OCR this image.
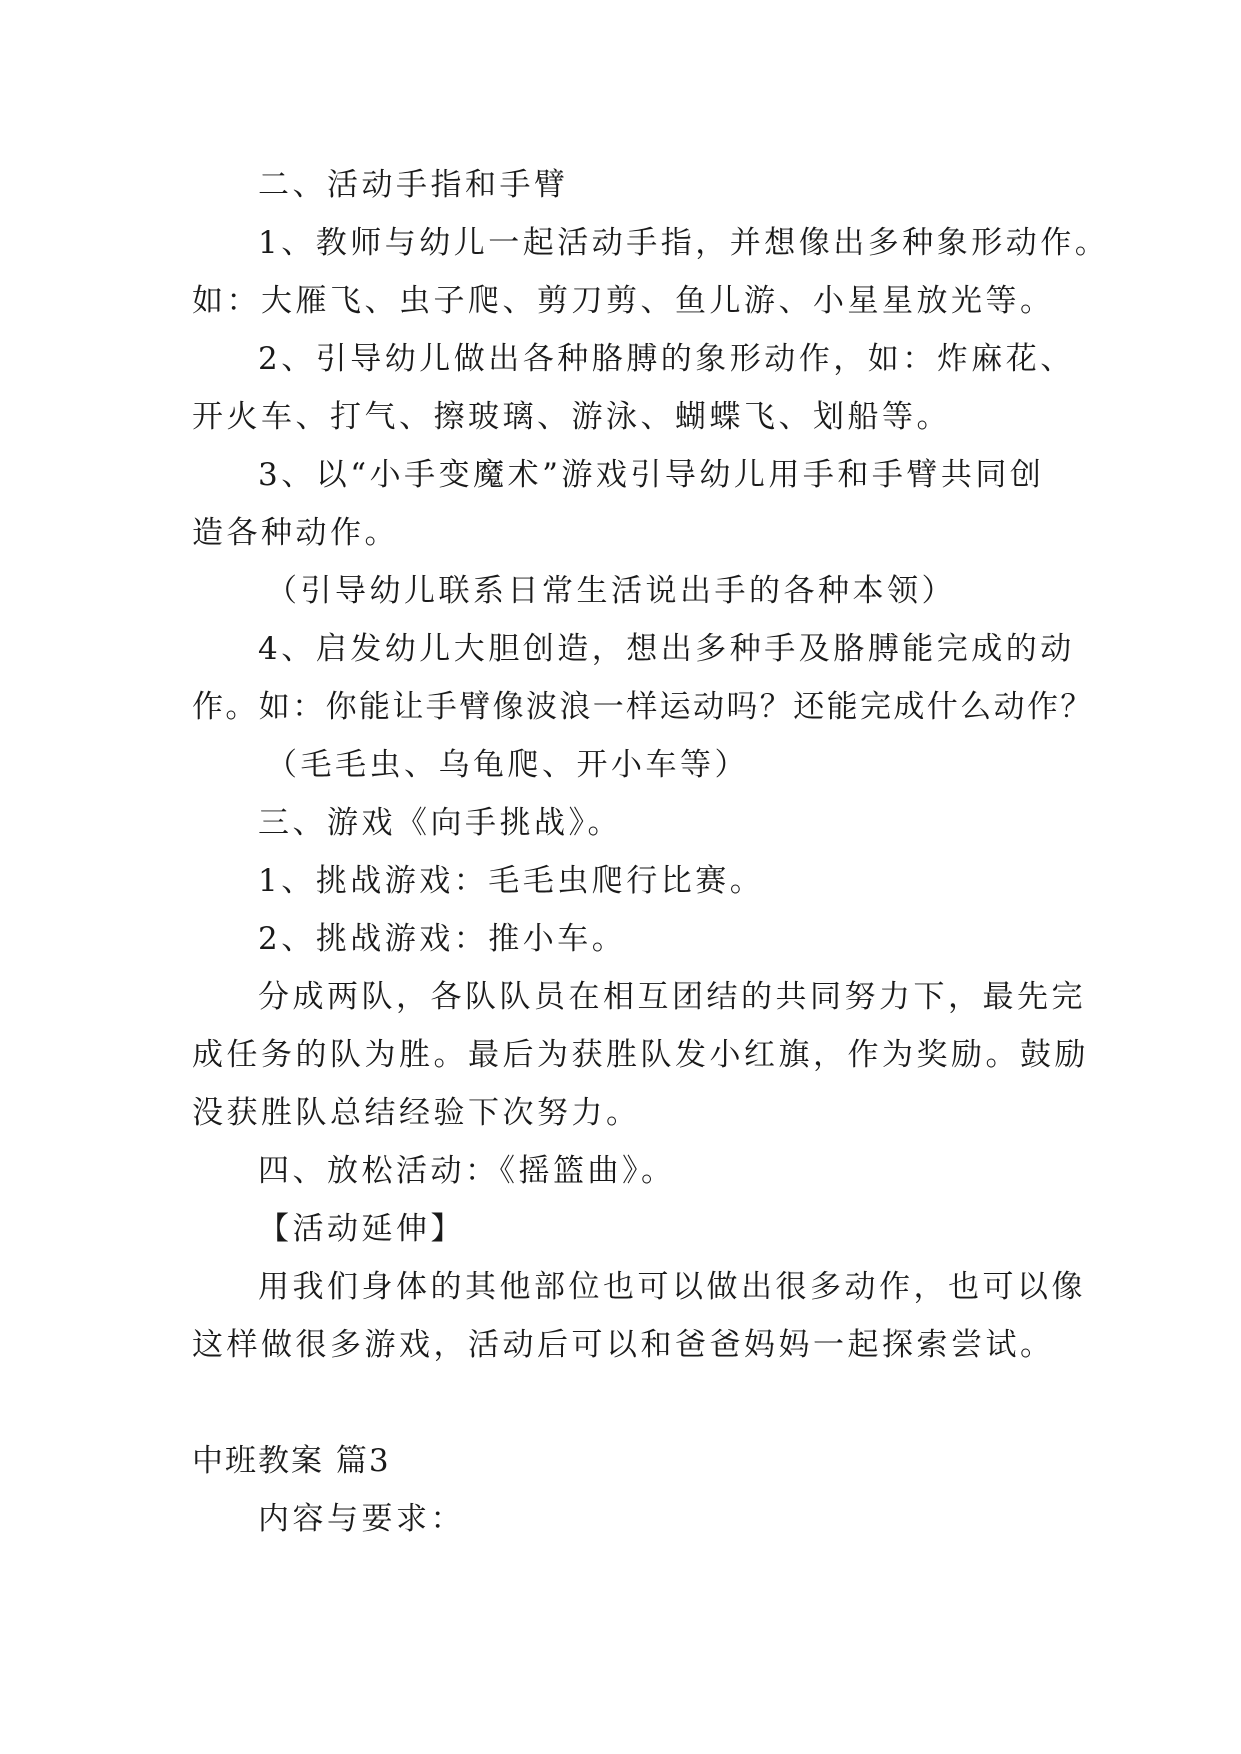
二、活动手指和手臂
1、教师与幼儿一起活动手指，并想像出多种象形动作。
如：大雁飞、虫子爬、剪刀剪、鱼儿游、小星星放光等。
2、引导幼儿做出各种胳膊的象形动作，如：炸麻花、
开火车、打气、擦玻璃、游泳、蝴蝶飞、划船等。
3、以“小手变魔术”游戏引导幼儿用手和手臂共同创
造各种动作。
（引导幼儿联系日常生活说出手的各种本领）
4、启发幼儿大胆创造，想出多种手及胳膊能完成的动
作。如：你能让手臂像波浪一样运动吗？还能完成什么动作？
（毛毛虫、乌龟爬、开小车等）
三、游戏《向手挑战》。
1、挑战游戏：毛毛虫爬行比赛。
2、挑战游戏：推小车。
分成两队，各队队员在相互团结的共同努力下，最先完
成任务的队为胜。最后为获胜队发小红旗，作为奖励。鼓励
没获胜队总结经验下次努力。
四、放松活动：《摇篮曲》。
【活动延伸】
用我们身体的其他部位也可以做出很多动作，也可以像
这样做很多游戏，活动后可以和爸爸妈妈一起探索尝试。
中班教案 篇3
内容与要求：
